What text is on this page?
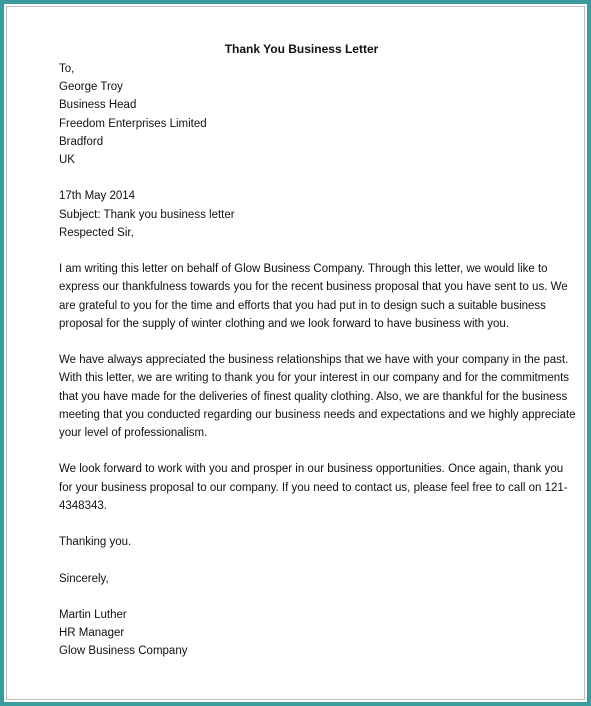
Thank You Business Letter
To,
George Troy
Business Head
Freedom Enterprises Limited
Bradford
UK
17th May 2014
Subject: Thank you business letter
Respected Sir,
I am writing this letter on behalf of Glow Business Company. Through this letter, we would like to
express our thankfulness towards you for the recent business proposal that you have sent to us. We
are grateful to you for the time and efforts that you had put in to design such a suitable business
proposal for the supply of winter clothing and we look forward to have business with you.
We have always appreciated the business relationships that we have with your company in the past.
With this letter, we are writing to thank you for your interest in our company and for the commitments
that you have made for the deliveries of finest quality clothing. Also, we are thankful for the business
meeting that you conducted regarding our business needs and expectations and we highly appreciate
your level of professionalism.
We look forward to work with you and prosper in our business opportunities. Once again, thank you
for your business proposal to our company. If you need to contact us, please feel free to call on 121-
4348343.
Thanking you.
Sincerely,
Martin Luther
HR Manager
Glow Business Company
